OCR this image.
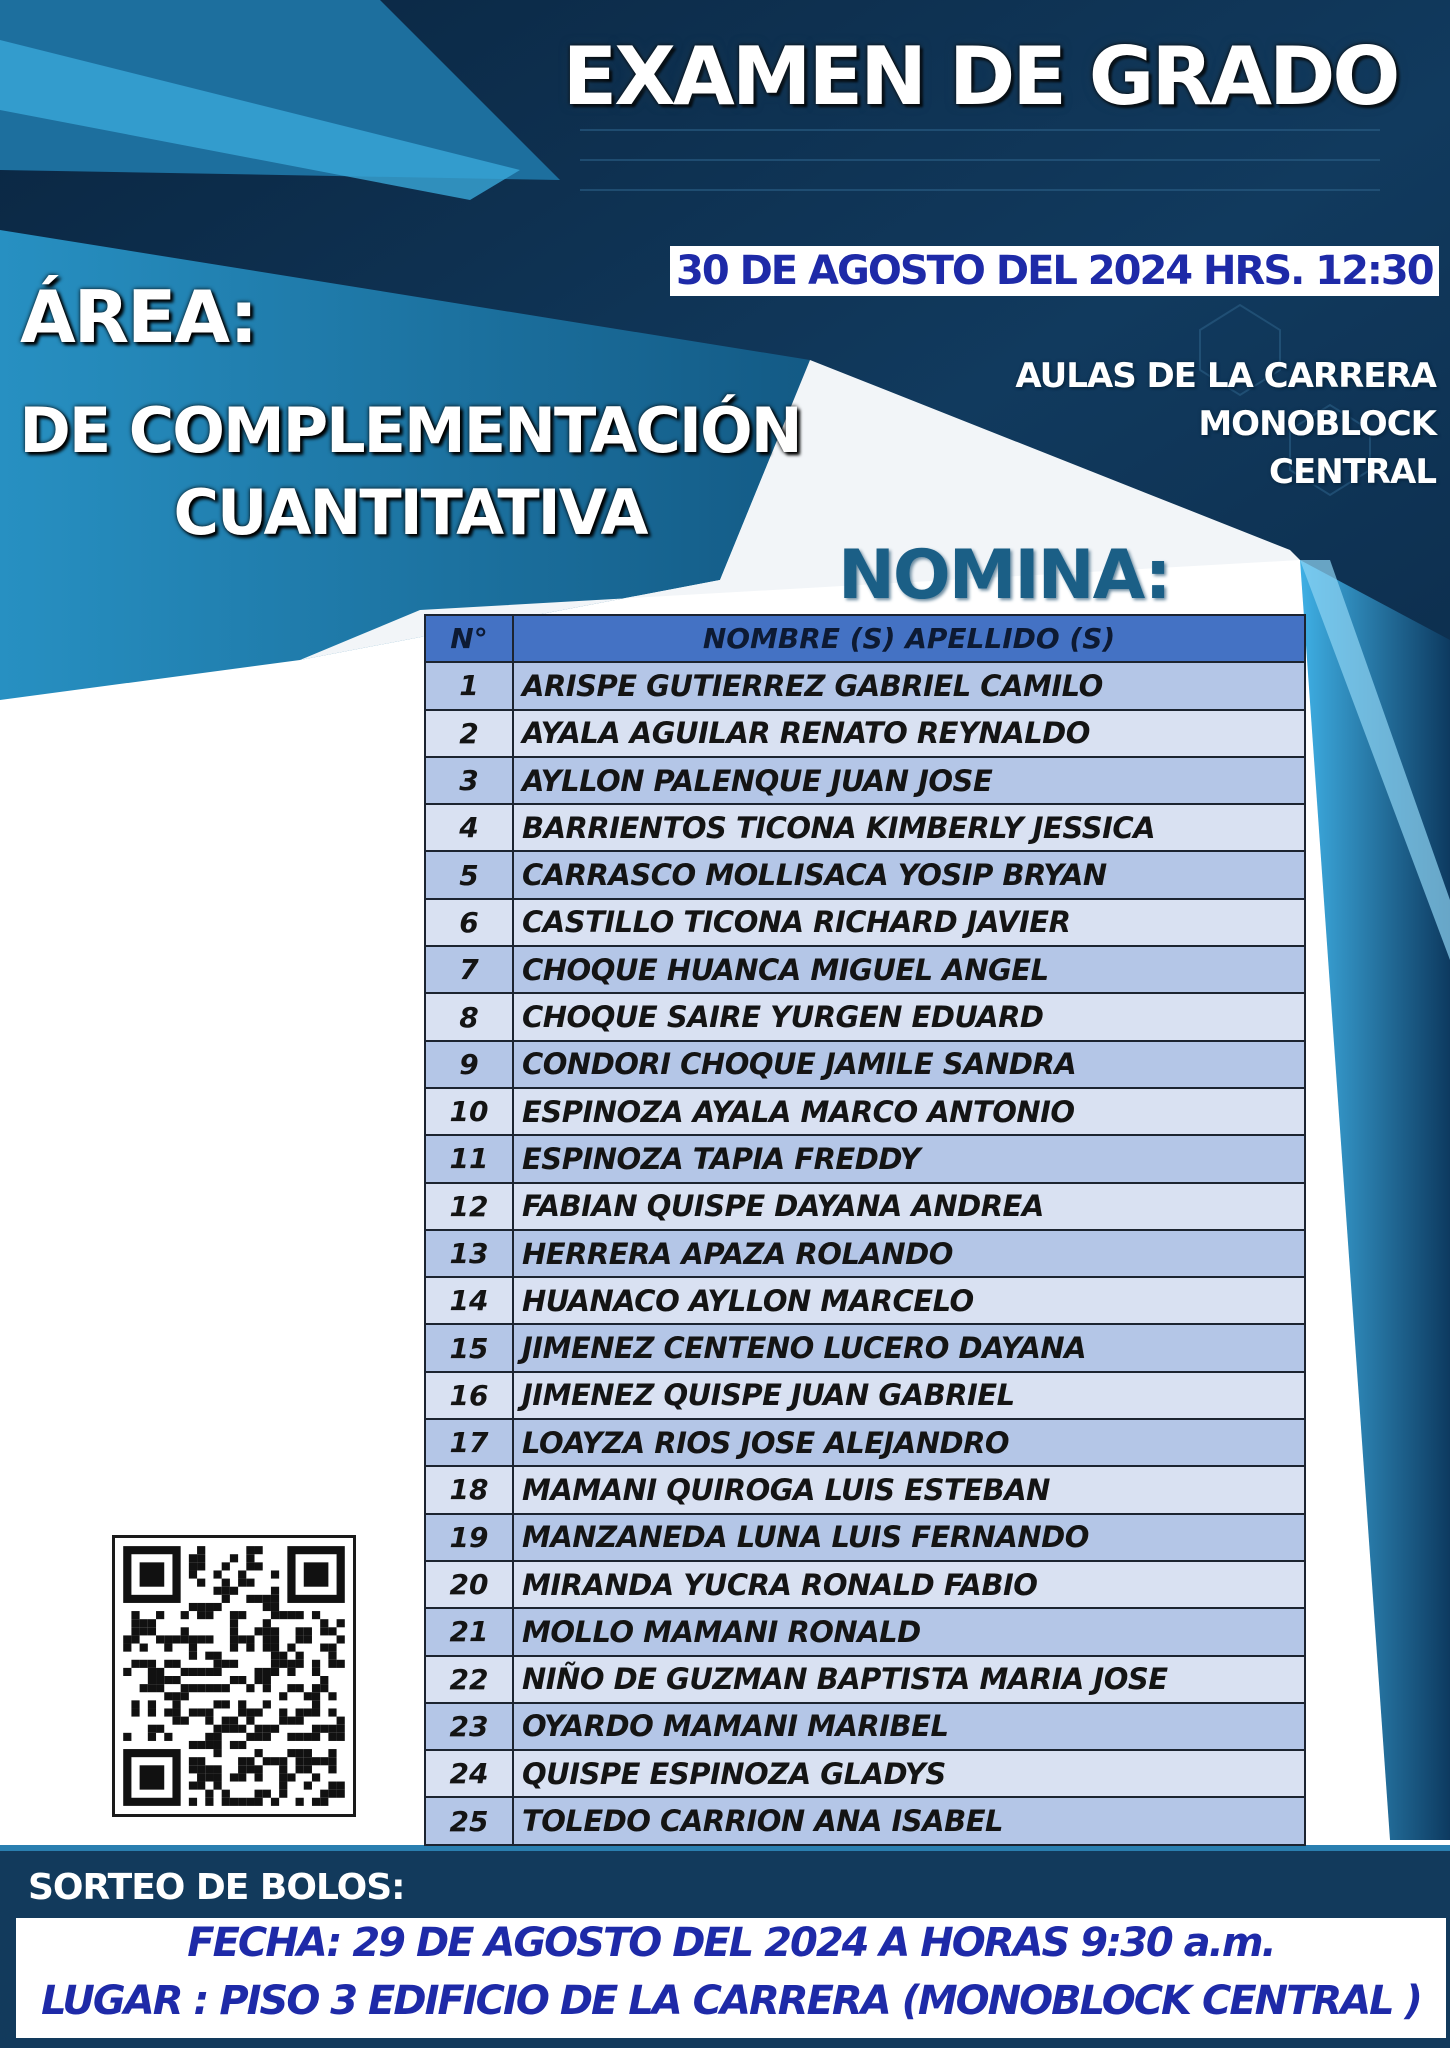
EXAMEN DE GRADO
30 DE AGOSTO DEL 2024 HRS. 12:30
ÁREA:
DE COMPLEMENTACIÓN
CUANTITATIVA
AULAS DE LA CARRERA
MONOBLOCK
CENTRAL
NOMINA:
N°	NOMBRE (S) APELLIDO (S)
1	ARISPE GUTIERREZ GABRIEL CAMILO
2	AYALA AGUILAR RENATO REYNALDO
3	AYLLON PALENQUE JUAN JOSE
4	BARRIENTOS TICONA KIMBERLY JESSICA
5	CARRASCO MOLLISACA YOSIP BRYAN
6	CASTILLO TICONA RICHARD JAVIER
7	CHOQUE HUANCA MIGUEL ANGEL
8	CHOQUE SAIRE YURGEN EDUARD
9	CONDORI CHOQUE JAMILE SANDRA
10	ESPINOZA AYALA MARCO ANTONIO
11	ESPINOZA TAPIA FREDDY
12	FABIAN QUISPE DAYANA ANDREA
13	HERRERA APAZA ROLANDO
14	HUANACO AYLLON MARCELO
15	JIMENEZ CENTENO LUCERO DAYANA
16	JIMENEZ QUISPE JUAN GABRIEL
17	LOAYZA RIOS JOSE ALEJANDRO
18	MAMANI QUIROGA LUIS ESTEBAN
19	MANZANEDA LUNA LUIS FERNANDO
20	MIRANDA YUCRA RONALD FABIO
21	MOLLO MAMANI RONALD
22	NIÑO DE GUZMAN BAPTISTA MARIA JOSE
23	OYARDO MAMANI MARIBEL
24	QUISPE ESPINOZA GLADYS
25	TOLEDO CARRION ANA ISABEL
SORTEO DE BOLOS:
FECHA: 29 DE AGOSTO DEL 2024 A HORAS 9:30 a.m.
LUGAR : PISO 3 EDIFICIO DE LA CARRERA (MONOBLOCK CENTRAL )
